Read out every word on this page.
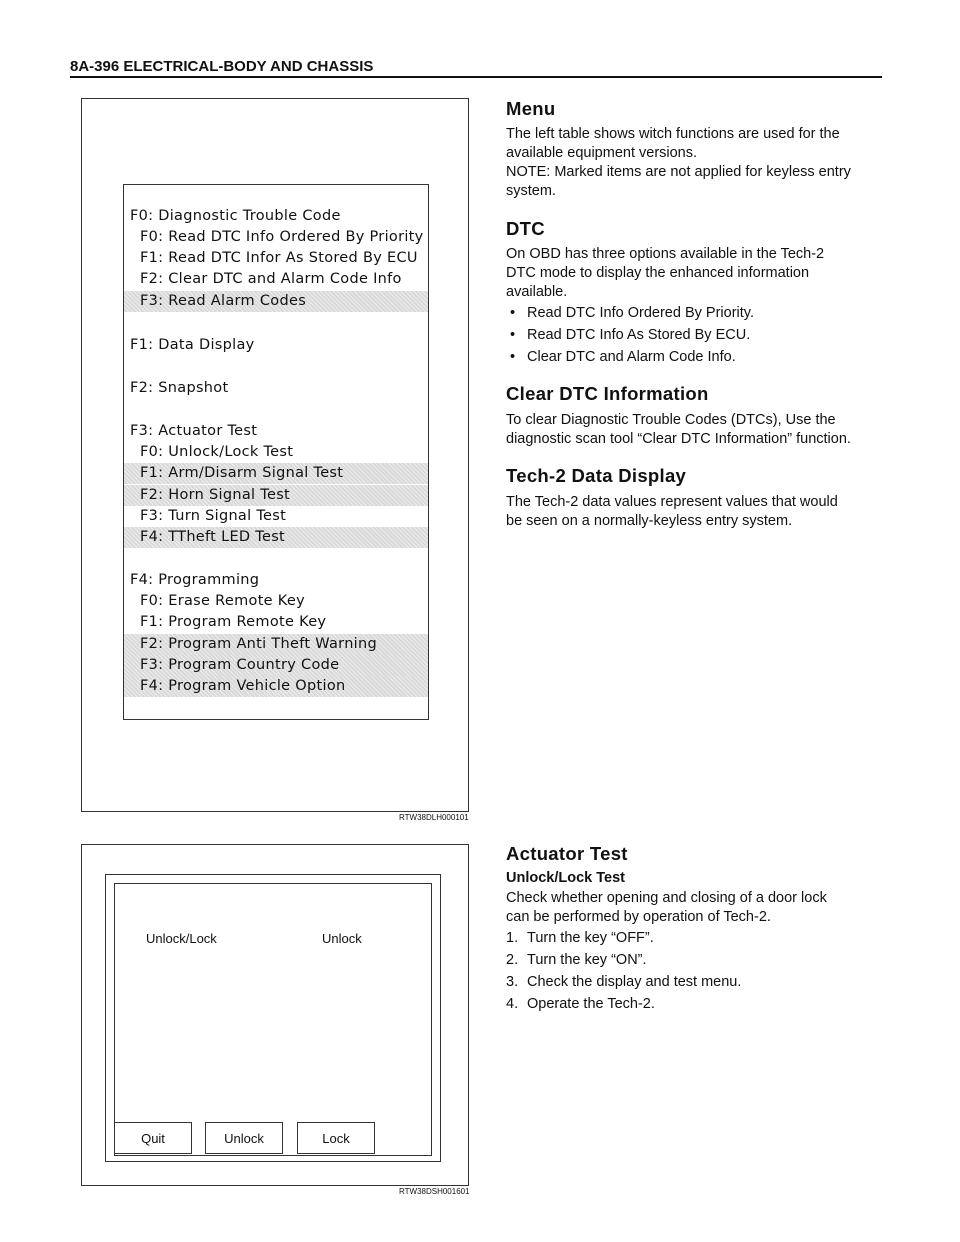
8A-396 ELECTRICAL-BODY AND CHASSIS
F0: Diagnostic Trouble Code
F0: Read DTC Info Ordered By Priority
F1: Read DTC Infor As Stored By ECU
F2: Clear DTC and Alarm Code Info
F3: Read Alarm Codes
F1: Data Display
F2: Snapshot
F3: Actuator Test
F0: Unlock/Lock Test
F1: Arm/Disarm Signal Test
F2: Horn Signal Test
F3: Turn Signal Test
F4: TTheft LED Test
F4: Programming
F0: Erase Remote Key
F1: Program Remote Key
F2: Program Anti Theft Warning
F3: Program Country Code
F4: Program Vehicle Option
RTW38DLH000101
Unlock/Lock	Unlock
Quit	Unlock	Lock
RTW38DSH001601
Menu
The left table shows witch functions are used for the
available equipment versions.
NOTE: Marked items are not applied for keyless entry
system.
DTC
On OBD has three options available in the Tech-2
DTC mode to display the enhanced information
available.
• Read DTC Info Ordered By Priority.
• Read DTC Info As Stored By ECU.
• Clear DTC and Alarm Code Info.
Clear DTC Information
To clear Diagnostic Trouble Codes (DTCs), Use the
diagnostic scan tool “Clear DTC Information” function.
Tech-2 Data Display
The Tech-2 data values represent values that would
be seen on a normally-keyless entry system.
Actuator Test
Unlock/Lock Test
Check whether opening and closing of a door lock
can be performed by operation of Tech-2.
1. Turn the key “OFF”.
2. Turn the key “ON”.
3. Check the display and test menu.
4. Operate the Tech-2.
